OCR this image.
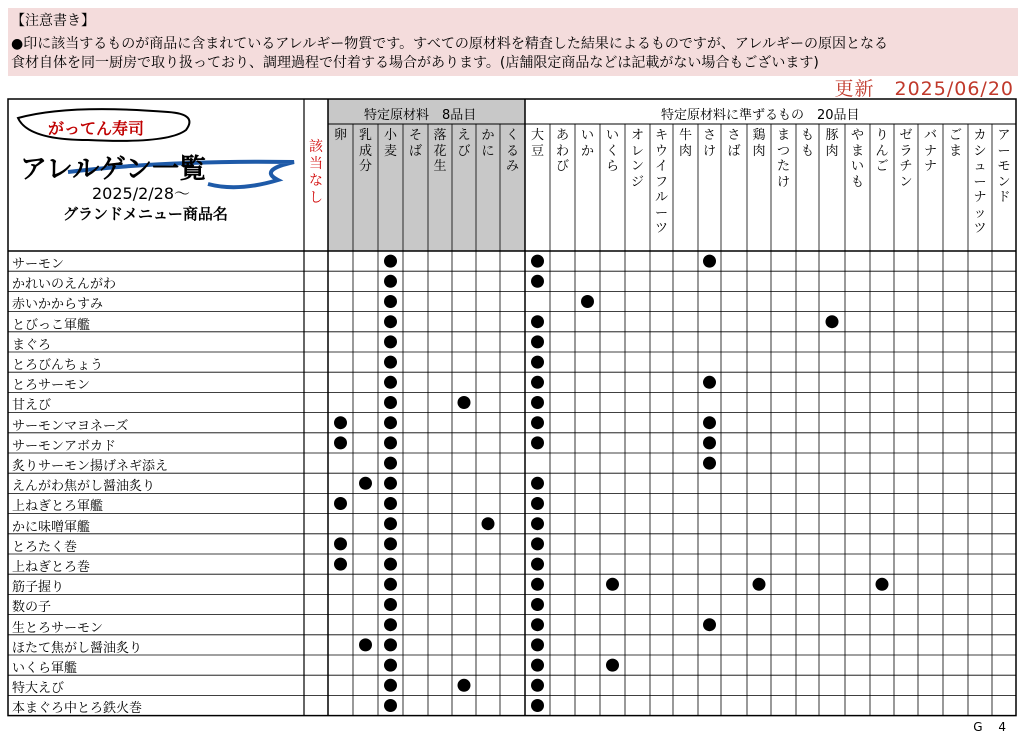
【注意書き】
●印に該当するものが商品に含まれているアレルギー物質です。すべての原材料を精査した結果によるものですが、アレルギーの原因となる
食材自体を同一厨房で取り扱っており、調理過程で付着する場合があります。(店舗限定商品などは記載がない場合もございます)
更新　2025/06/20
がってん寿司
アレルゲン一覧
2025/2/28～
グランドメニュー商品名
特定原材料　8品目	特定原材料に準ずるもの　20品目
該当なし
卵 乳成分
小麦
そば
落花生
えび
かに
くるみ
大豆
あわび
いか
いくら
オレンジ
キウイフルーツ
牛肉
さけ
さば
鶏肉
まつたけ
もも
豚肉
やまいも
りんご
ゼラチン
バナナ
ごま
カシューナッツ
アーモンド
サーモン
かれいのえんがわ
赤いかからすみ
とびっこ軍艦
まぐろ
とろびんちょう
とろサーモン
甘えび
サーモンマヨネーズ
サーモンアボカド
炙りサーモン揚げネギ添え
えんがわ焦がし醤油炙り
上ねぎとろ軍艦
かに味噌軍艦
とろたく巻
上ねぎとろ巻
筋子握り
数の子
生とろサーモン
ほたて焦がし醤油炙り
いくら軍艦
特大えび
本まぐろ中とろ鉄火巻
G 4
